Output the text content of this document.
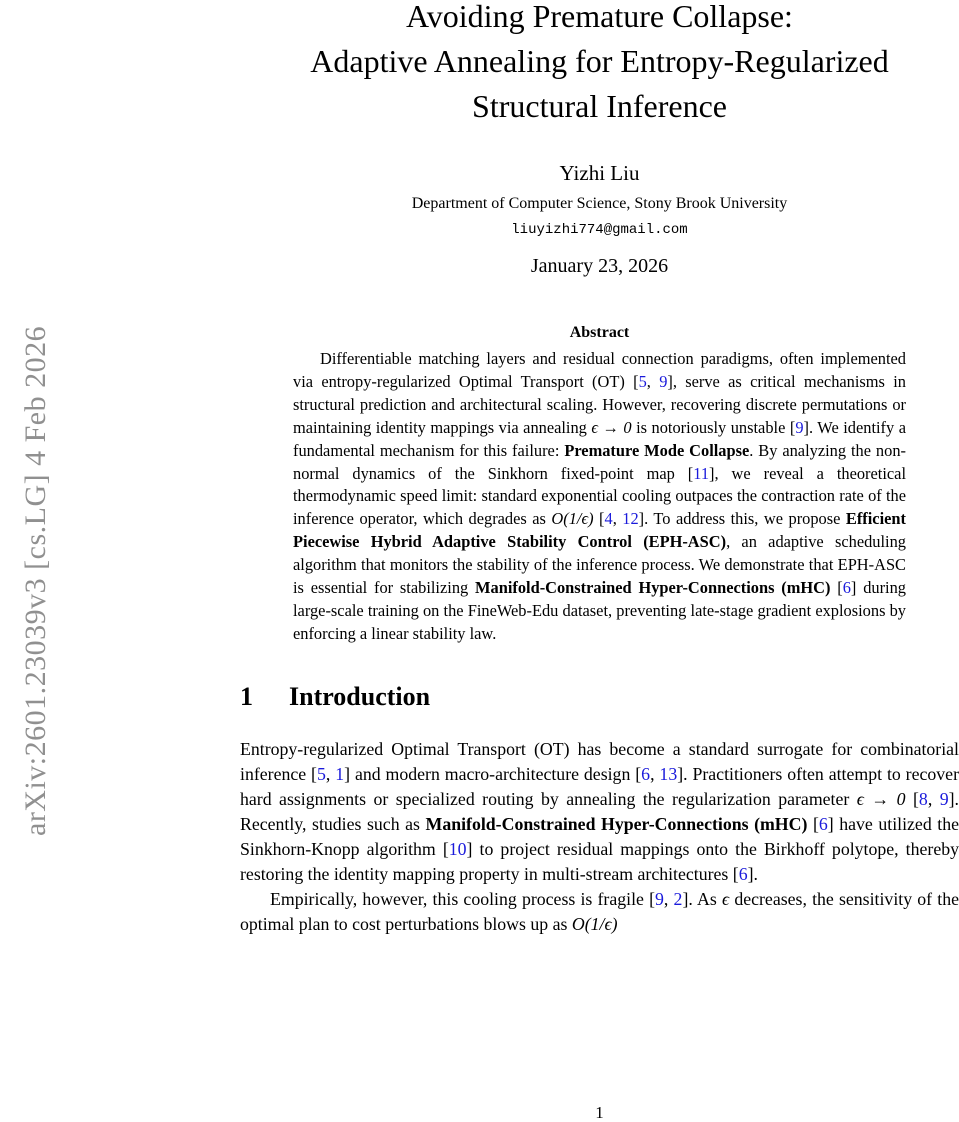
arXiv:2601.23039v3 [cs.LG] 4 Feb 2026
Avoiding Premature Collapse:
Adaptive Annealing for Entropy-Regularized
Structural Inference
Yizhi Liu
Department of Computer Science, Stony Brook University
liuyizhi774@gmail.com
January 23, 2026
Abstract

Differentiable matching layers and residual connection paradigms, often implemented via entropy-regularized Optimal Transport (OT) [5, 9], serve as critical mechanisms in structural prediction and architectural scaling. However, recovering discrete permutations or maintaining identity mappings via annealing ϵ → 0 is notoriously unstable [9]. We identify a fundamental mechanism for this failure: Premature Mode Collapse. By analyzing the non-normal dynamics of the Sinkhorn fixed-point map [11], we reveal a theoretical thermodynamic speed limit: standard exponential cooling outpaces the contraction rate of the inference operator, which degrades as O(1/ϵ) [4, 12]. To address this, we propose Efficient Piecewise Hybrid Adaptive Stability Control (EPH-ASC), an adaptive scheduling algorithm that monitors the stability of the inference process. We demonstrate that EPH-ASC is essential for stabilizing Manifold-Constrained Hyper-Connections (mHC) [6] during large-scale training on the FineWeb-Edu dataset, preventing late-stage gradient explosions by enforcing a linear stability law.

1 Introduction

Entropy-regularized Optimal Transport (OT) has become a standard surrogate for combinatorial inference [5, 1] and modern macro-architecture design [6, 13]. Practitioners often attempt to recover hard assignments or specialized routing by annealing the regularization parameter ϵ → 0 [8, 9]. Recently, studies such as Manifold-Constrained Hyper-Connections (mHC) [6] have utilized the Sinkhorn-Knopp algorithm [10] to project residual mappings onto the Birkhoff polytope, thereby restoring the identity mapping property in multi-stream architectures [6].

Empirically, however, this cooling process is fragile [9, 2]. As ϵ decreases, the sensitivity of the optimal plan to cost perturbations blows up as O(1/ϵ)

1
